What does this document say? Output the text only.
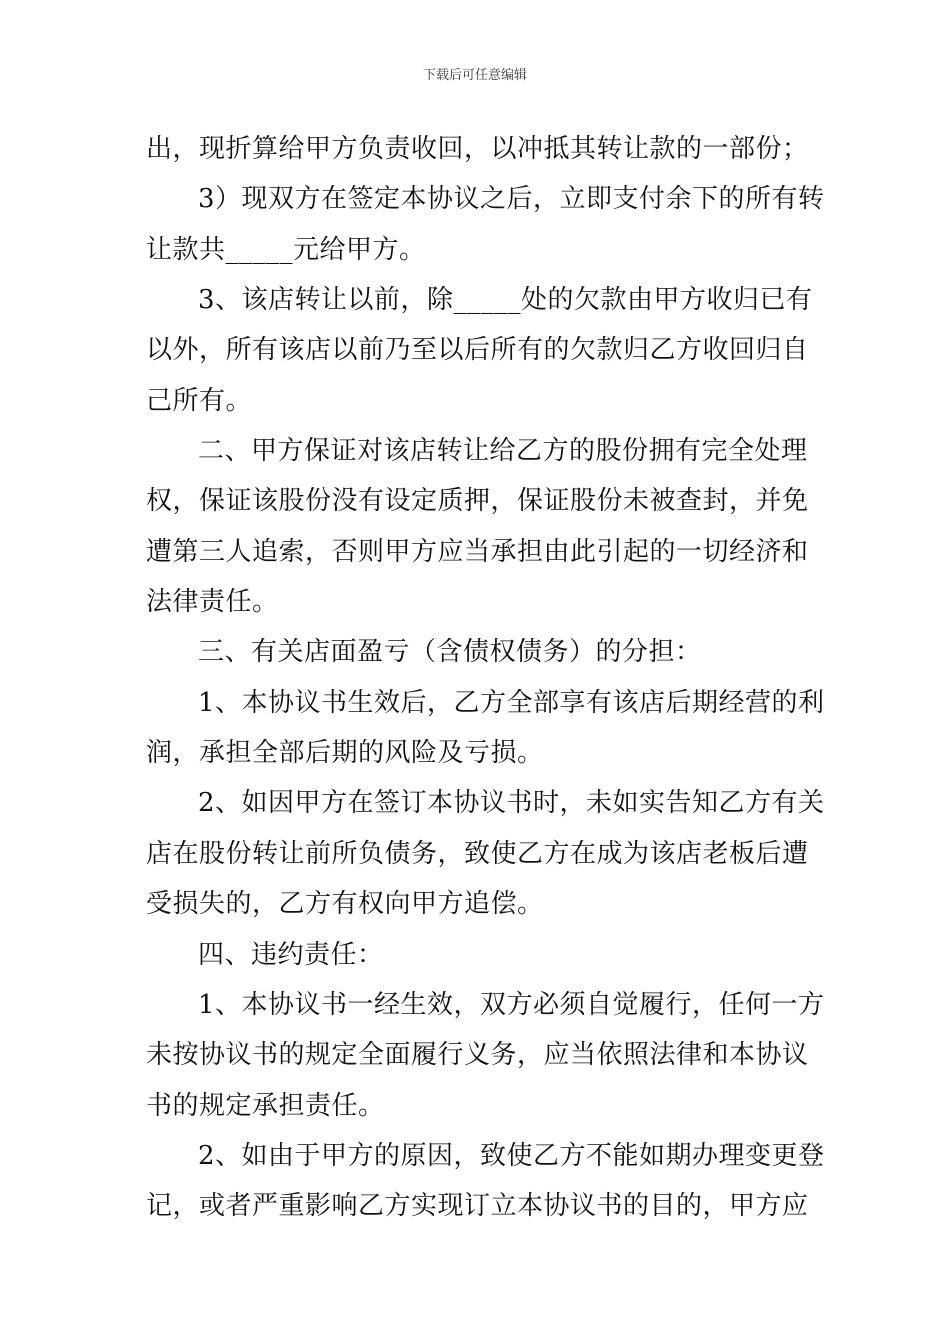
下载后可任意编辑
出，现折算给甲方负责收回，以冲抵其转让款的一部份；
3）现双方在签定本协议之后，立即支付余下的所有转
让款共_____元给甲方。
3、该店转让以前，除_____处的欠款由甲方收归已有
以外，所有该店以前乃至以后所有的欠款归乙方收回归自
己所有。
二、甲方保证对该店转让给乙方的股份拥有完全处理
权，保证该股份没有设定质押，保证股份未被查封，并免
遭第三人追索，否则甲方应当承担由此引起的一切经济和
法律责任。
三、有关店面盈亏（含债权债务）的分担：
1、本协议书生效后，乙方全部享有该店后期经营的利
润，承担全部后期的风险及亏损。
2、如因甲方在签订本协议书时，未如实告知乙方有关
店在股份转让前所负债务，致使乙方在成为该店老板后遭
受损失的，乙方有权向甲方追偿。
四、违约责任：
1、本协议书一经生效，双方必须自觉履行，任何一方
未按协议书的规定全面履行义务，应当依照法律和本协议
书的规定承担责任。
2、如由于甲方的原因，致使乙方不能如期办理变更登
记，或者严重影响乙方实现订立本协议书的目的，甲方应
